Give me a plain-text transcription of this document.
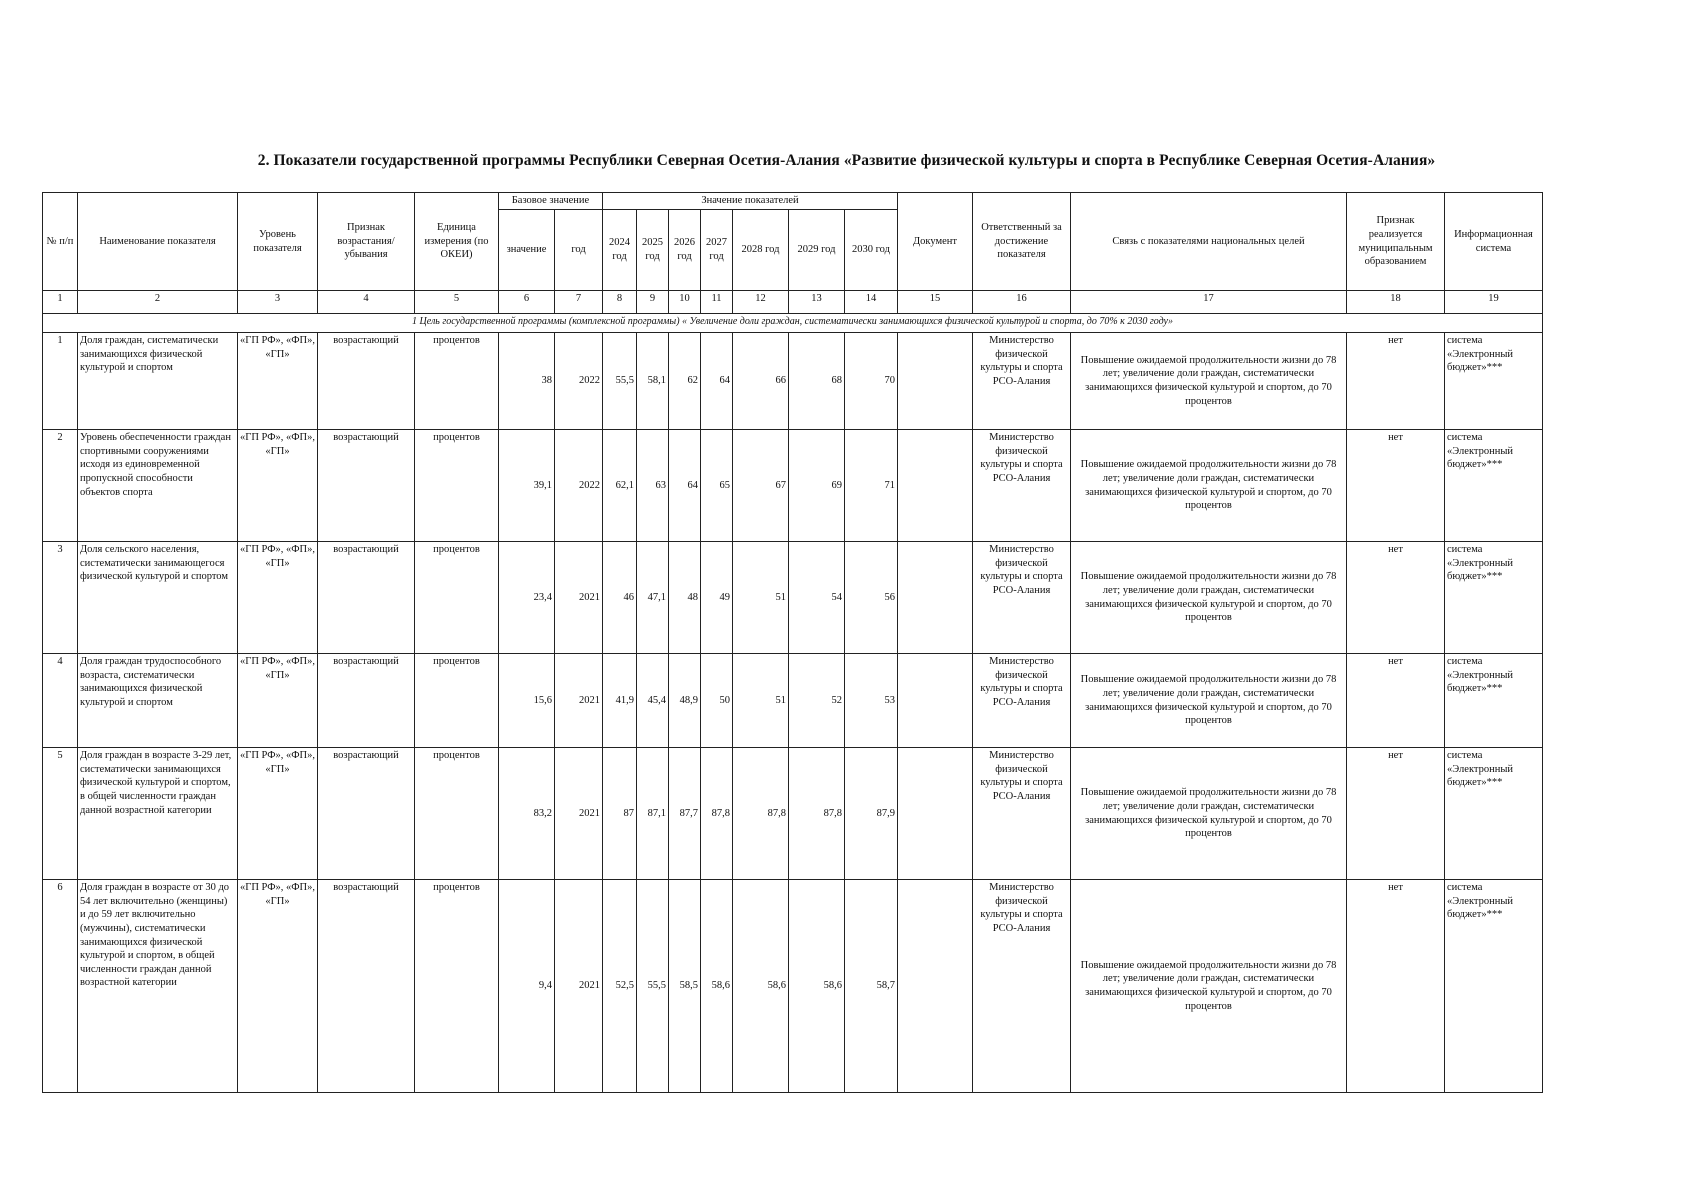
2. Показатели государственной программы Республики Северная Осетия-Алания «Развитие физической культуры и спорта в Республике Северная Осетия-Алания»
№ п/п	Наименование показателя	Уровень показателя	Признак возрастания/ убывания	Единица измерения (по ОКЕИ)	Базовое значение		Значение показателей							Документ	Ответственный за достижение показателя	Связь с показателями национальных целей	Признак реализуется муниципальным образованием	Информационная система
					значение	год	2024 год	2025 год	2026 год	2027 год	2028 год	2029 год	2030 год					
1	2	3	4	5	6	7	8	9	10	11	12	13	14	15	16	17	18	19
1 Цель государственной программы (комплексной программы) « Увеличение доли граждан, систематически занимающихся физической культурой и спорта, до 70% к 2030 году»																		
1	Доля граждан, систематически занимающихся физической культурой и спортом	«ГП РФ», «ФП», «ГП»	возрастающий	процентов	38	2022	55,5	58,1	62	64	66	68	70		Министерство физической культуры и спорта РСО-Алания	Повышение ожидаемой продолжительности жизни до 78 лет; увеличение доли граждан, систематически занимающихся физической культурой и спортом, до 70 процентов	нет	система «Электронный бюджет»***
2	Уровень обеспеченности граждан спортивными сооружениями исходя из единовременной пропускной способности объектов спорта	«ГП РФ», «ФП», «ГП»	возрастающий	процентов	39,1	2022	62,1	63	64	65	67	69	71		Министерство физической культуры и спорта РСО-Алания	Повышение ожидаемой продолжительности жизни до 78 лет; увеличение доли граждан, систематически занимающихся физической культурой и спортом, до 70 процентов	нет	система «Электронный бюджет»***
3	Доля сельского населения, систематически занимающегося физической культурой и спортом	«ГП РФ», «ФП», «ГП»	возрастающий	процентов	23,4	2021	46	47,1	48	49	51	54	56		Министерство физической культуры и спорта РСО-Алания	Повышение ожидаемой продолжительности жизни до 78 лет; увеличение доли граждан, систематически занимающихся физической культурой и спортом, до 70 процентов	нет	система «Электронный бюджет»***
4	Доля граждан трудоспособного возраста, систематически занимающихся физической культурой и спортом	«ГП РФ», «ФП», «ГП»	возрастающий	процентов	15,6	2021	41,9	45,4	48,9	50	51	52	53		Министерство физической культуры и спорта РСО-Алания	Повышение ожидаемой продолжительности жизни до 78 лет; увеличение доли граждан, систематически занимающихся физической культурой и спортом, до 70 процентов	нет	система «Электронный бюджет»***
5	Доля граждан в возрасте 3-29 лет, систематически занимающихся физической культурой и спортом, в общей численности граждан данной возрастной категории	«ГП РФ», «ФП», «ГП»	возрастающий	процентов	83,2	2021	87	87,1	87,7	87,8	87,8	87,8	87,9		Министерство физической культуры и спорта РСО-Алания	Повышение ожидаемой продолжительности жизни до 78 лет; увеличение доли граждан, систематически занимающихся физической культурой и спортом, до 70 процентов	нет	система «Электронный бюджет»***
6	Доля граждан в возрасте от 30 до 54 лет включительно (женщины) и до 59 лет включительно (мужчины), систематически занимающихся физической культурой и спортом, в общей численности граждан данной возрастной категории	«ГП РФ», «ФП», «ГП»	возрастающий	процентов	9,4	2021	52,5	55,5	58,5	58,6	58,6	58,6	58,7		Министерство физической культуры и спорта РСО-Алания	Повышение ожидаемой продолжительности жизни до 78 лет; увеличение доли граждан, систематически занимающихся физической культурой и спортом, до 70 процентов	нет	система «Электронный бюджет»***
